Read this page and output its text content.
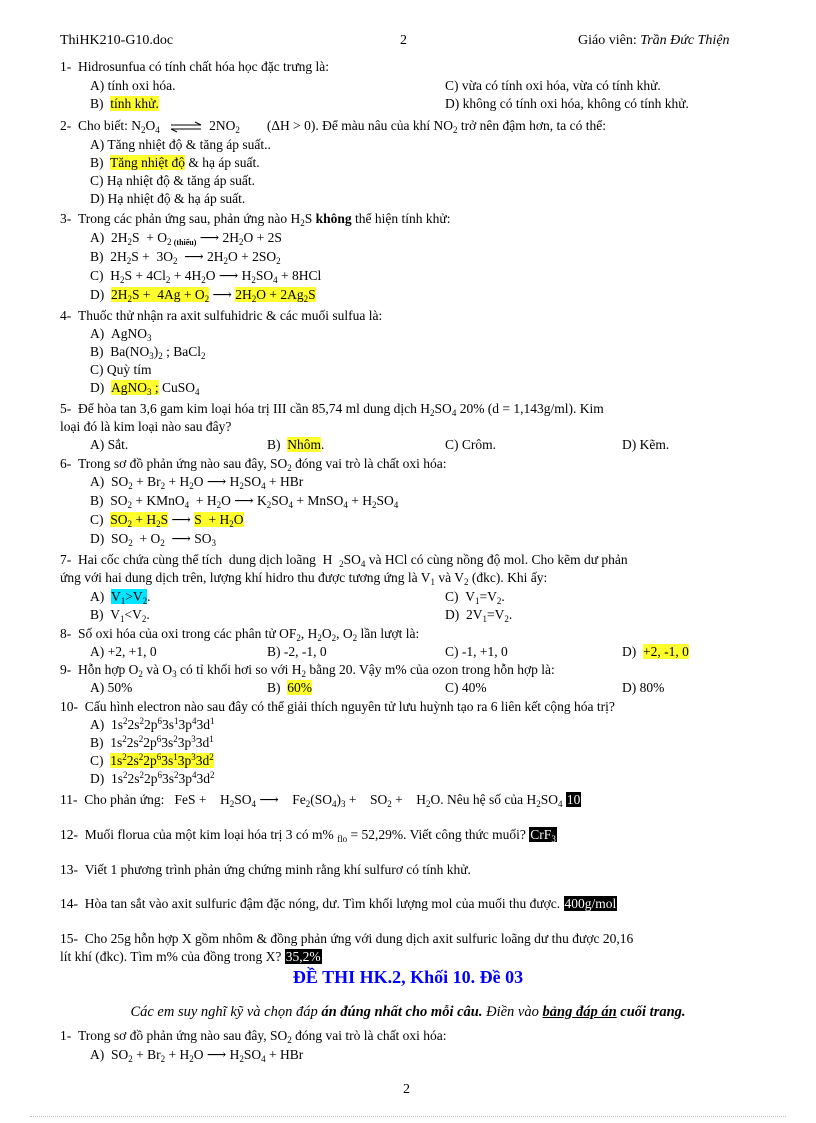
ThiHK210-G10.doc	2	Giáo viên: Trần Đức Thiện
1- Hidrosunfua có tính chất hóa học đặc trưng là:
A) tính oxi hóa.	C) vừa có tính oxi hóa, vừa có tính khử.
B)  tính khử.	D) không có tính oxi hóa, không có tính khử.
2- Cho biết: $N_2O_4$ ⇌ $2NO_2$ (ΔH > 0). Để màu nâu của khí $NO_2$ trở nên đậm hơn, ta có thể:
A) Tăng nhiệt độ & tăng áp suất..
B)  Tăng nhiệt độ & hạ áp suất.
C) Hạ nhiệt độ & tăng áp suất.
D) Hạ nhiệt độ & hạ áp suất.
3- Trong các phản ứng sau, phản ứng nào $H_2S$ không thể hiện tính khử:
A)  $2H_2S + O_{2 (thiếu)}$ ⟶ $2H_2O + 2S$
B)  $2H_2S + 3O_2$  ⟶ $2H_2O + 2SO_2$
C)  $H_2S + 4Cl_2 + 4H_2O$ ⟶ $H_2SO_4 + 8HCl$
D)  $2H_2S + 4Ag + O_2$ ⟶ $2H_2O + 2Ag_2S$
4- Thuốc thử nhận ra axit sulfuhidric & các muối sulfua là:
A)  AgNO$_3$
B)  $Ba(NO_3)_2$ ; BaCl$_2$
C) Quỳ tím
D)  AgNO$_3$ ; CuSO$_4$
5- Để hòa tan 3,6 gam kim loại hóa trị III cần 85,74 ml dung dịch $H_2SO_4$ 20% (d = 1,143g/ml). Kim
loại đó là kim loại nào sau đây?
A) Sắt.	B)  Nhôm.	C) Crôm.	D) Kẽm.
6- Trong sơ đồ phản ứng nào sau đây, $SO_2$ đóng vai trò là chất oxi hóa:
A)  $SO_2 + Br_2 + H_2O$ ⟶ $H_2SO_4$ + HBr
B)  $SO_2$ + KMnO$_4$  + $H_2O$ ⟶ $K_2SO_4$ + MnSO$_4$ + $H_2SO_4$
C)  $SO_2 + H_2S$ ⟶ $S + H_2O$
D)  $SO_2 + O_2$  ⟶ $SO_3$
7- Hai cốc chứa cùng thể tích  dung dịch loãng  H  $_2SO_4$ và HCl có cùng nồng độ mol. Cho kẽm dư phản
ứng với hai dung dịch trên, lượng khí hidro thu được tương ứng là $V_1$ và $V_2$ (đkc). Khi ấy:
A)  $V_1>V_2$.	C)  $V_1=V_2$.
B)  $V_1<V_2$.	D)  $2V_1=V_2$.
8- Số oxi hóa của oxi trong các phân tử $OF_2$, $H_2O_2$, $O_2$ lần lượt là:
A) +2, +1, 0	B) -2, -1, 0	C) -1, +1, 0	D)  +2, -1, 0
9- Hỗn hợp $O_2$ và $O_3$ có tỉ khối hơi so với $H_2$ bằng 20. Vậy m% của ozon trong hỗn hợp là:
A) 50%	B)  60%	C) 40%	D) 80%
10- Cấu hình electron nào sau đây có thể giải thích nguyên tử lưu huỳnh tạo ra 6 liên kết cộng hóa trị?
A)  $1s^22s^22p^63s^13p^43d^1$
B)  $1s^22s^22p^63s^23p^33d^1$
C)  $1s^22s^22p^63s^13p^33d^2$
D)  $1s^22s^22p^63s^23p^43d^2$
11- Cho phản ứng:   FeS +    $H_2SO_4$ ⟶    $Fe_2(SO_4)_3$ +    $SO_2$ +    $H_2O$. Nêu hệ số của $H_2SO_4$ 10
12- Muối florua của một kim loại hóa trị 3 có m% $_{flo}$ = 52,29%. Viết công thức muối? CrF$_3$
13- Viết 1 phương trình phản ứng chứng minh rằng khí sulfurơ có tính khử.
14- Hòa tan sắt vào axit sulfuric đậm đặc nóng, dư. Tìm khối lượng mol của muối thu được. 400g/mol
15- Cho 25g hỗn hợp X gồm nhôm & đồng phản ứng với dung dịch axit sulfuric loãng dư thu được 20,16
lít khí (đkc). Tìm m% của đồng trong X? 35,2%
ĐỀ THI HK.2, Khối 10. Đề 03
Các em suy nghĩ kỹ và chọn đáp án đúng nhất cho mỗi câu. Điền vào bảng đáp án cuối trang.
1- Trong sơ đồ phản ứng nào sau đây, $SO_2$ đóng vai trò là chất oxi hóa:
A)  $SO_2 + Br_2 + H_2O$ ⟶ $H_2SO_4$ + HBr
2
